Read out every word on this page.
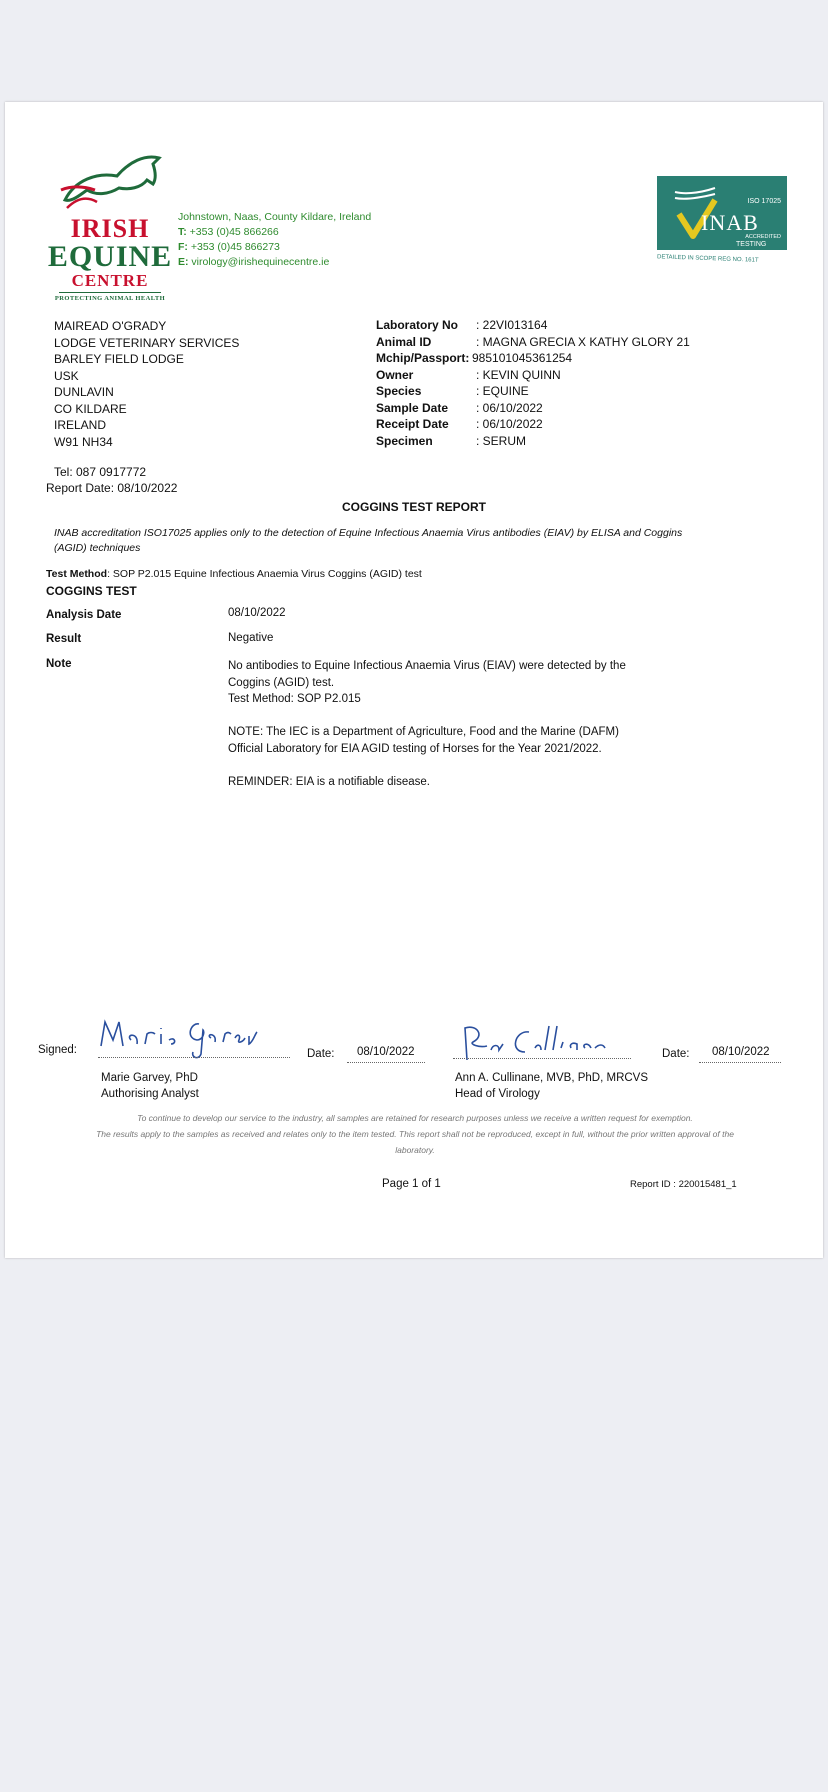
IRISH
EQUINE
CENTRE
PROTECTING ANIMAL HEALTH
Johnstown, Naas, County Kildare, Ireland
T: +353 (0)45 866266
F: +353 (0)45 866273
E: virology@irishequinecentre.ie
ISO 17025
INAB
ACCREDITED
TESTING
DETAILED IN SCOPE REG NO. 161T
MAIREAD O'GRADY
LODGE VETERINARY SERVICES
BARLEY FIELD LODGE
USK
DUNLAVIN
CO KILDARE
IRELAND
W91 NH34
Tel: 087 0917772
Report Date: 08/10/2022
Laboratory No : 22VI013164
Animal ID	: MAGNA GRECIA X KATHY GLORY 21
Mchip/Passport: 985101045361254
Owner	: KEVIN QUINN
Species	: EQUINE
Sample Date : 06/10/2022
Receipt Date : 06/10/2022
Specimen	: SERUM
COGGINS TEST REPORT
INAB accreditation ISO17025 applies only to the detection of Equine Infectious Anaemia Virus antibodies (EIAV) by ELISA and Coggins (AGID) techniques
Test Method: SOP P2.015 Equine Infectious Anaemia Virus Coggins (AGID) test
COGGINS TEST
Analysis Date	08/10/2022
Result	Negative
Note	No antibodies to Equine Infectious Anaemia Virus (EIAV) were detected by the Coggins (AGID) test.
Test Method: SOP P2.015
NOTE: The IEC is a Department of Agriculture, Food and the Marine (DAFM) Official Laboratory for EIA AGID testing of Horses for the Year 2021/2022.
REMINDER: EIA is a notifiable disease.
Signed:	Date: 08/10/2022
Marie Garvey, PhD
Authorising Analyst
Date: 08/10/2022
Ann A. Cullinane, MVB, PhD, MRCVS
Head of Virology
To continue to develop our service to the industry, all samples are retained for research purposes unless we receive a written request for exemption.
The results apply to the samples as received and relates only to the item tested. This report shall not be reproduced, except in full, without the prior written approval of the laboratory.
Page 1 of 1	Report ID : 220015481_1
